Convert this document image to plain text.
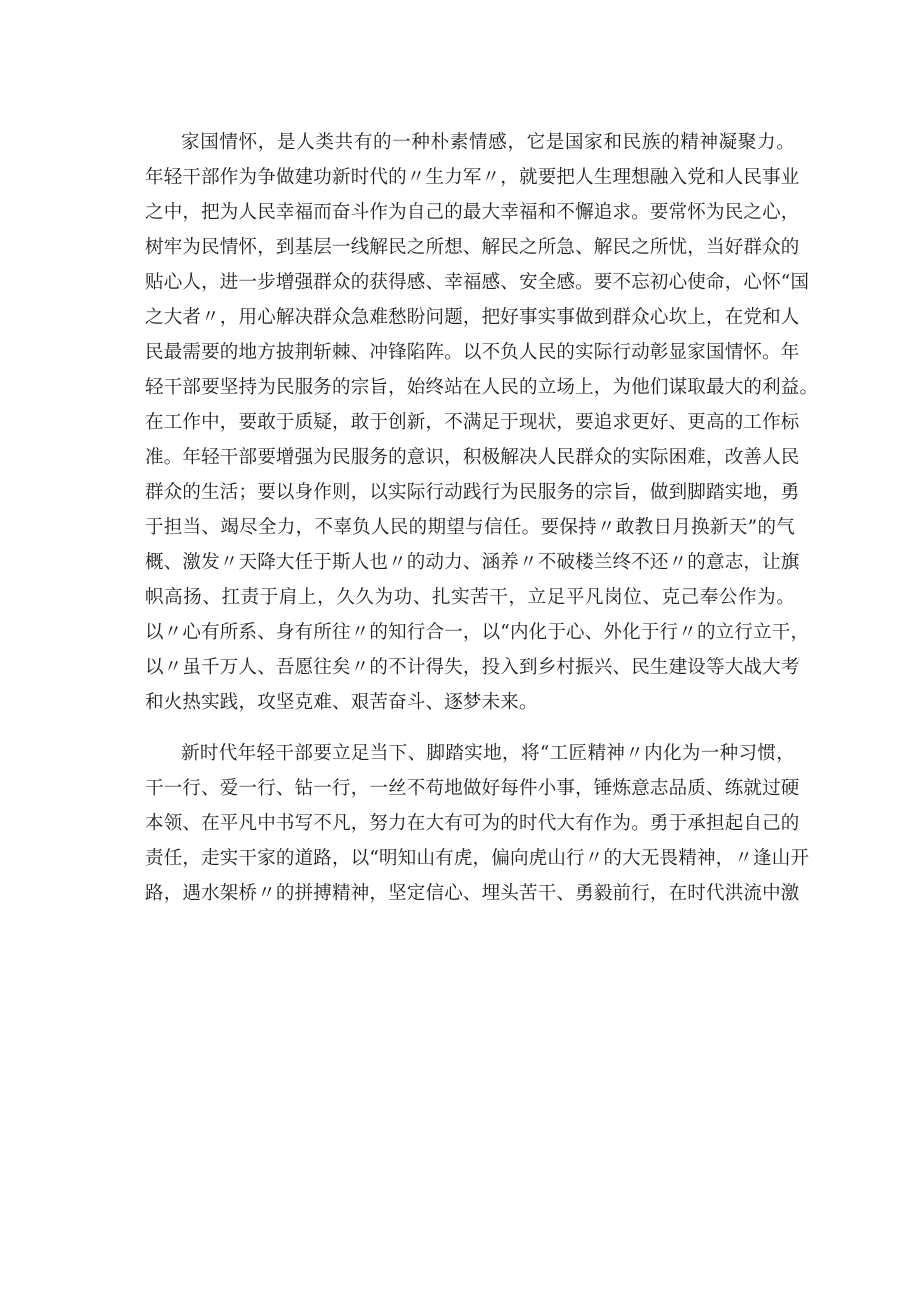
家国情怀，是人类共有的一种朴素情感，它是国家和民族的精神凝聚力。
年轻干部作为争做建功新时代的〃生力军〃，就要把人生理想融入党和人民事业
之中，把为人民幸福而奋斗作为自己的最大幸福和不懈追求。要常怀为民之心，
树牢为民情怀，到基层一线解民之所想、解民之所急、解民之所忧，当好群众的
贴心人，进一步增强群众的获得感、幸福感、安全感。要不忘初心使命，心怀“国
之大者〃，用心解决群众急难愁盼问题，把好事实事做到群众心坎上，在党和人
民最需要的地方披荆斩棘、冲锋陷阵。以不负人民的实际行动彰显家国情怀。年
轻干部要坚持为民服务的宗旨，始终站在人民的立场上，为他们谋取最大的利益。
在工作中，要敢于质疑，敢于创新，不满足于现状，要追求更好、更高的工作标
准。年轻干部要增强为民服务的意识，积极解决人民群众的实际困难，改善人民
群众的生活；要以身作则，以实际行动践行为民服务的宗旨，做到脚踏实地，勇
于担当、竭尽全力，不辜负人民的期望与信任。要保持〃敢教日月换新天”的气
概、激发〃天降大任于斯人也〃的动力、涵养〃不破楼兰终不还〃的意志，让旗
帜高扬、扛责于肩上，久久为功、扎实苦干，立足平凡岗位、克己奉公作为。
以〃心有所系、身有所往〃的知行合一，以“内化于心、外化于行〃的立行立干，
以〃虽千万人、吾愿往矣〃的不计得失，投入到乡村振兴、民生建设等大战大考
和火热实践，攻坚克难、艰苦奋斗、逐梦未来。
新时代年轻干部要立足当下、脚踏实地，将“工匠精神〃内化为一种习惯，
干一行、爱一行、钻一行，一丝不苟地做好每件小事，锤炼意志品质、练就过硬
本领、在平凡中书写不凡，努力在大有可为的时代大有作为。勇于承担起自己的
责任，走实干家的道路，以“明知山有虎，偏向虎山行〃的大无畏精神，〃逢山开
路，遇水架桥〃的拼搏精神，坚定信心、埋头苦干、勇毅前行，在时代洪流中激
